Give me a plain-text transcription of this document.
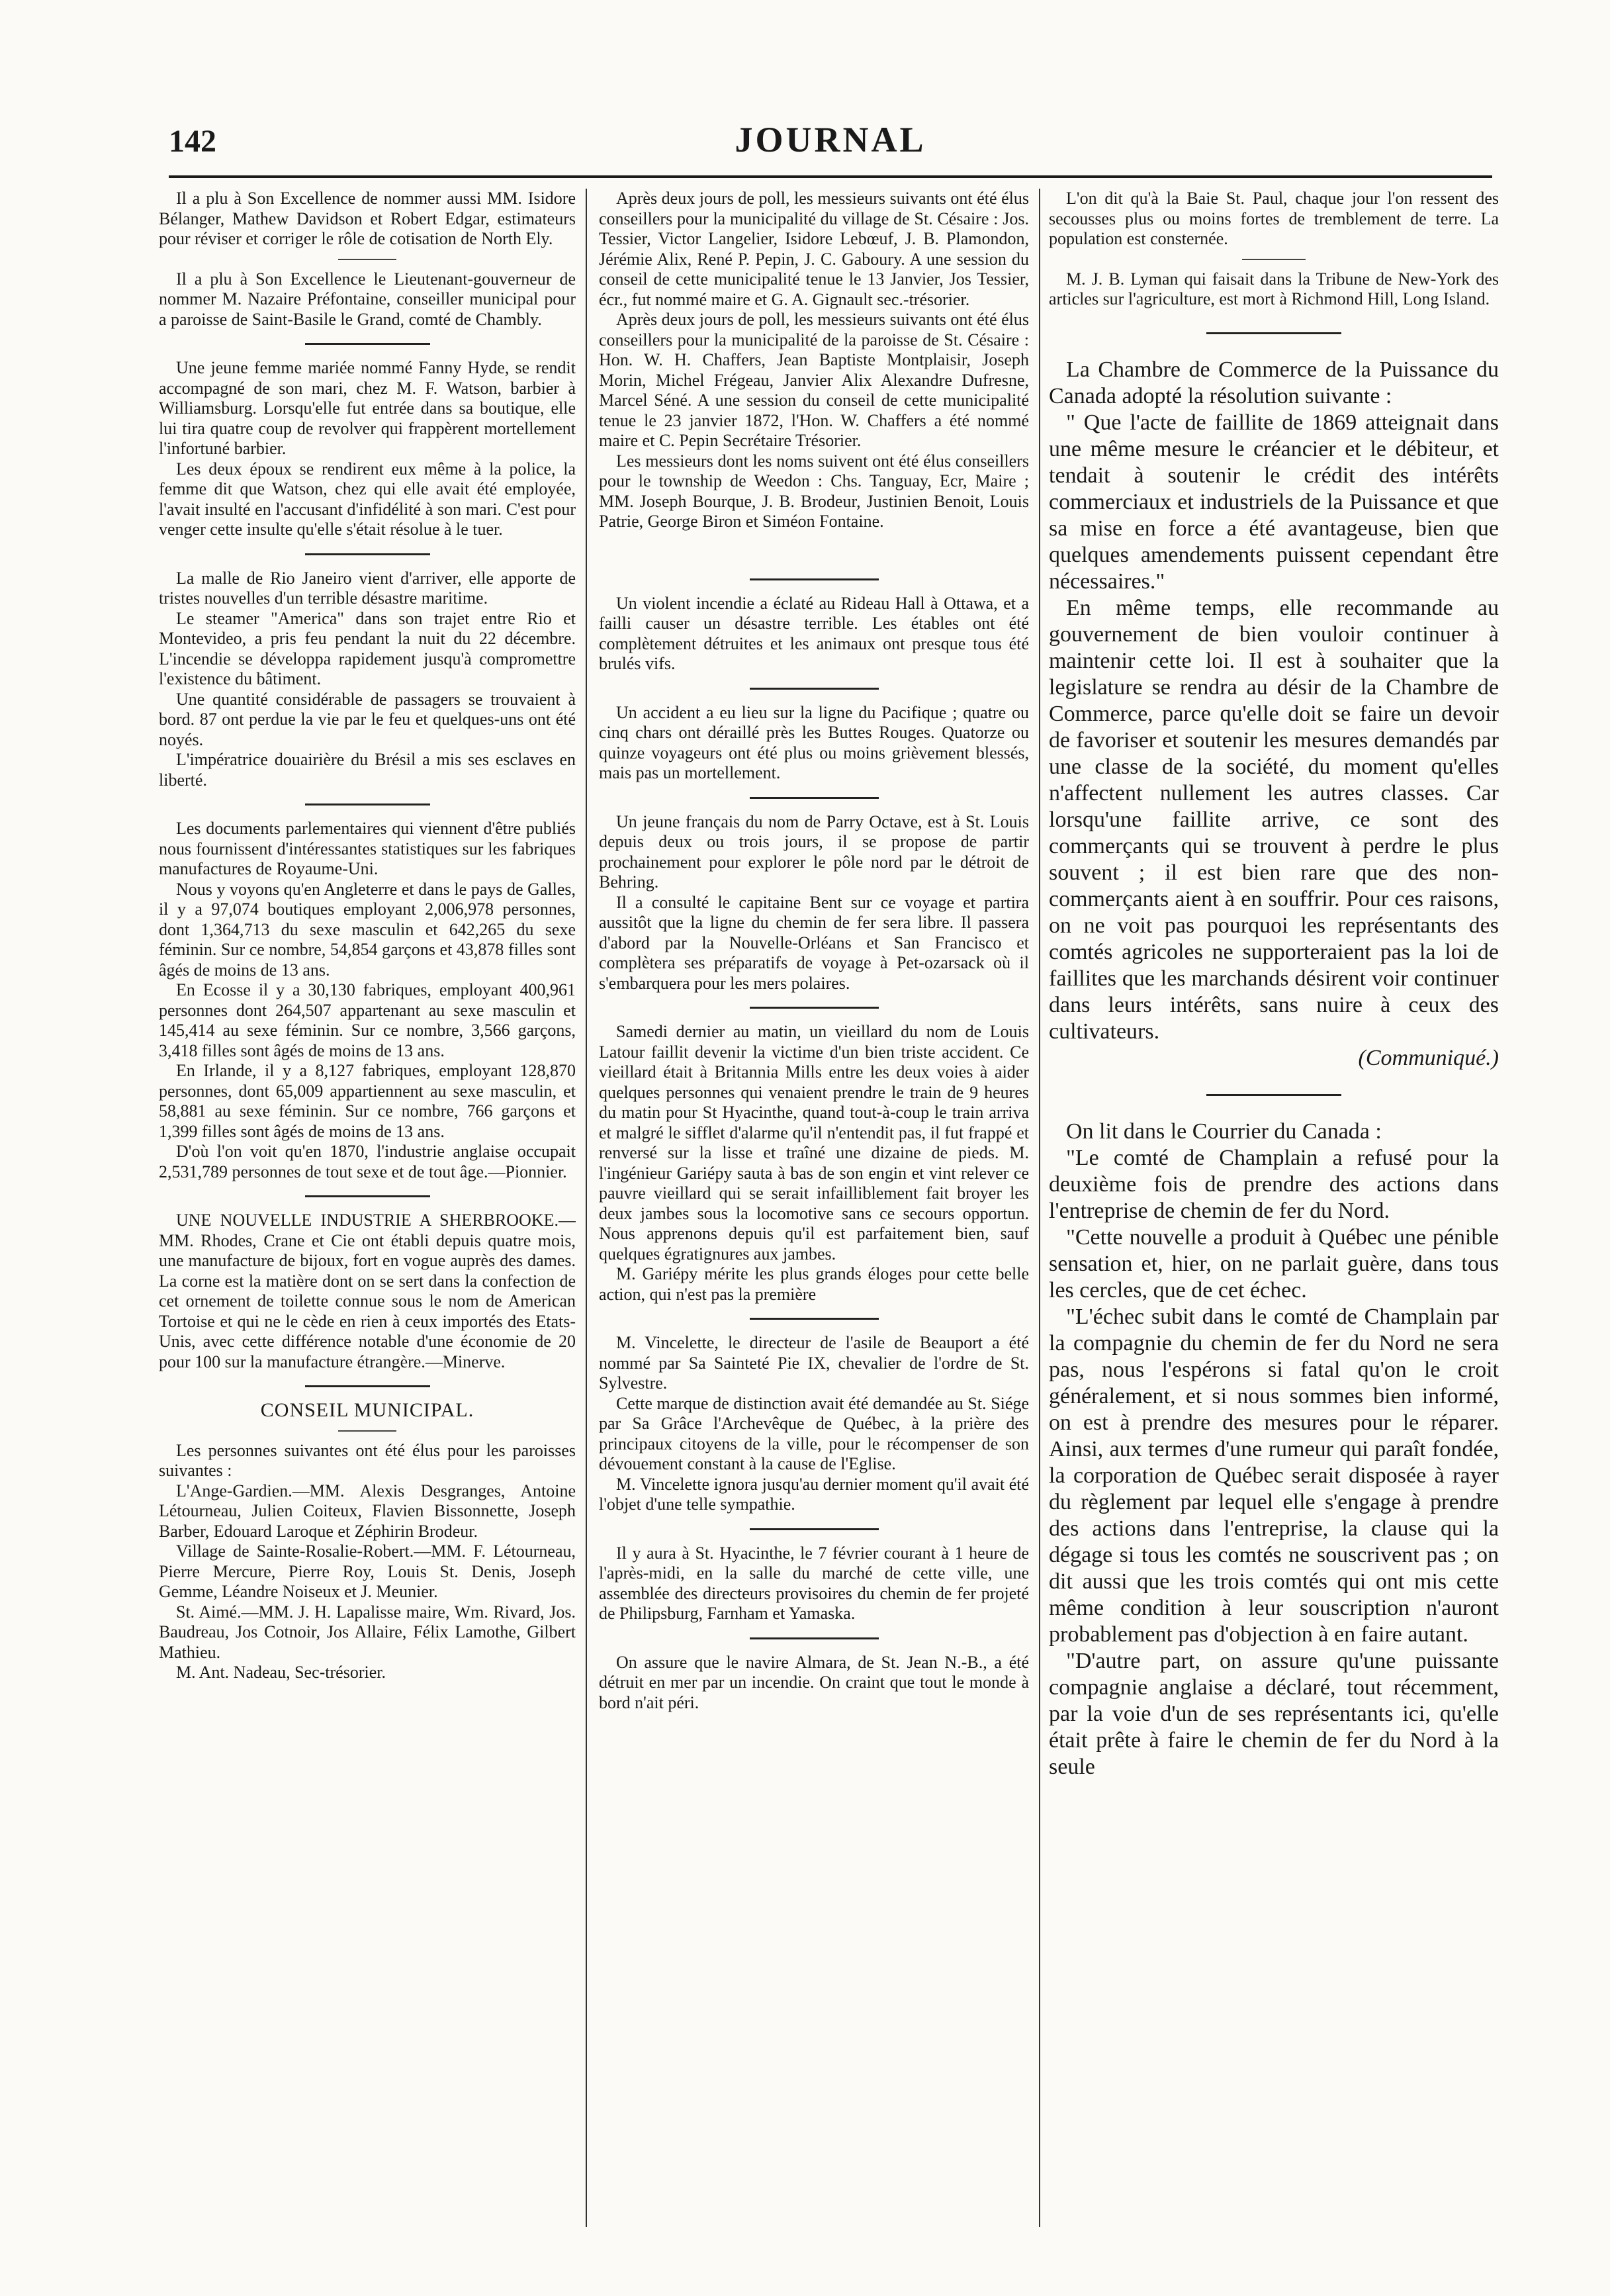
142	JOURNAL

Il a plu à Son Excellence de nommer aussi MM. Isidore Bélanger, Mathew Davidson et Robert Edgar, estimateurs pour réviser et corriger le rôle de cotisation de North Ely.

Il a plu à Son Excellence le Lieutenant-gouverneur de nommer M. Nazaire Préfontaine, conseiller municipal pour a paroisse de Saint-Basile le Grand, comté de Chambly.

Une jeune femme mariée nommé Fanny Hyde, se rendit accompagné de son mari, chez M. F. Watson, barbier à Williamsburg. Lorsqu'elle fut entrée dans sa boutique, elle lui tira quatre coup de revolver qui frappèrent mortellement l'infortuné barbier.

Les deux époux se rendirent eux même à la police, la femme dit que Watson, chez qui elle avait été employée, l'avait insulté en l'accusant d'infidélité à son mari. C'est pour venger cette insulte qu'elle s'était résolue à le tuer.

La malle de Rio Janeiro vient d'arriver, elle apporte de tristes nouvelles d'un terrible désastre maritime.

Le steamer "America" dans son trajet entre Rio et Montevideo, a pris feu pendant la nuit du 22 décembre. L'incendie se développa rapidement jusqu'à compromettre l'existence du bâtiment.

Une quantité considérable de passagers se trouvaient à bord. 87 ont perdue la vie par le feu et quelques-uns ont été noyés.

L'impératrice douairière du Brésil a mis ses esclaves en liberté.

Les documents parlementaires qui viennent d'être publiés nous fournissent d'intéressantes statistiques sur les fabriques manufactures de Royaume-Uni.

Nous y voyons qu'en Angleterre et dans le pays de Galles, il y a 97,074 boutiques employant 2,006,978 personnes, dont 1,364,713 du sexe masculin et 642,265 du sexe féminin. Sur ce nombre, 54,854 garçons et 43,878 filles sont âgés de moins de 13 ans.

En Ecosse il y a 30,130 fabriques, employant 400,961 personnes dont 264,507 appartenant au sexe masculin et 145,414 au sexe féminin. Sur ce nombre, 3,566 garçons, 3,418 filles sont âgés de moins de 13 ans.

En Irlande, il y a 8,127 fabriques, employant 128,870 personnes, dont 65,009 appartiennent au sexe masculin, et 58,881 au sexe féminin. Sur ce nombre, 766 garçons et 1,399 filles sont âgés de moins de 13 ans.

D'où l'on voit qu'en 1870, l'industrie anglaise occupait 2,531,789 personnes de tout sexe et de tout âge.—Pionnier.

UNE NOUVELLE INDUSTRIE A SHERBROOKE.—MM. Rhodes, Crane et Cie ont établi depuis quatre mois, une manufacture de bijoux, fort en vogue auprès des dames. La corne est la matière dont on se sert dans la confection de cet ornement de toilette connue sous le nom de American Tortoise et qui ne le cède en rien à ceux importés des Etats-Unis, avec cette différence notable d'une économie de 20 pour 100 sur la manufacture étrangère.—Minerve.

CONSEIL MUNICIPAL.

Les personnes suivantes ont été élus pour les paroisses suivantes :

L'Ange-Gardien.—MM. Alexis Desgranges, Antoine Létourneau, Julien Coiteux, Flavien Bissonnette, Joseph Barber, Edouard Laroque et Zéphirin Brodeur.

Village de Sainte-Rosalie-Robert.—MM. F. Létourneau, Pierre Mercure, Pierre Roy, Louis St. Denis, Joseph Gemme, Léandre Noiseux et J. Meunier.

St. Aimé.—MM. J. H. Lapalisse maire, Wm. Rivard, Jos. Baudreau, Jos Cotnoir, Jos Allaire, Félix Lamothe, Gilbert Mathieu.

M. Ant. Nadeau, Sec-trésorier.

Après deux jours de poll, les messieurs suivants ont été élus conseillers pour la municipalité du village de St. Césaire : Jos. Tessier, Victor Langelier, Isidore Lebœuf, J. B. Plamondon, Jérémie Alix, René P. Pepin, J. C. Gaboury. A une session du conseil de cette municipalité tenue le 13 Janvier, Jos Tessier, écr., fut nommé maire et G. A. Gignault sec.-trésorier.

Après deux jours de poll, les messieurs suivants ont été élus conseillers pour la municipalité de la paroisse de St. Césaire : Hon. W. H. Chaffers, Jean Baptiste Montplaisir, Joseph Morin, Michel Frégeau, Janvier Alix Alexandre Dufresne, Marcel Séné. A une session du conseil de cette municipalité tenue le 23 janvier 1872, l'Hon. W. Chaffers a été nommé maire et C. Pepin Secrétaire Trésorier.

Les messieurs dont les noms suivent ont été élus conseillers pour le township de Weedon : Chs. Tanguay, Ecr, Maire ; MM. Joseph Bourque, J. B. Brodeur, Justinien Benoit, Louis Patrie, George Biron et Siméon Fontaine.

Un violent incendie a éclaté au Rideau Hall à Ottawa, et a failli causer un désastre terrible. Les étables ont été complètement détruites et les animaux ont presque tous été brulés vifs.

Un accident a eu lieu sur la ligne du Pacifique ; quatre ou cinq chars ont déraillé près les Buttes Rouges. Quatorze ou quinze voyageurs ont été plus ou moins grièvement blessés, mais pas un mortellement.

Un jeune français du nom de Parry Octave, est à St. Louis depuis deux ou trois jours, il se propose de partir prochainement pour explorer le pôle nord par le détroit de Behring.

Il a consulté le capitaine Bent sur ce voyage et partira aussitôt que la ligne du chemin de fer sera libre. Il passera d'abord par la Nouvelle-Orléans et San Francisco et complètera ses préparatifs de voyage à Pet-ozarsack où il s'embarquera pour les mers polaires.

Samedi dernier au matin, un vieillard du nom de Louis Latour faillit devenir la victime d'un bien triste accident. Ce vieillard était à Britannia Mills entre les deux voies à aider quelques personnes qui venaient prendre le train de 9 heures du matin pour St Hyacinthe, quand tout-à-coup le train arriva et malgré le sifflet d'alarme qu'il n'entendit pas, il fut frappé et renversé sur la lisse et traîné une dizaine de pieds. M. l'ingénieur Gariépy sauta à bas de son engin et vint relever ce pauvre vieillard qui se serait infailliblement fait broyer les deux jambes sous la locomotive sans ce secours opportun. Nous apprenons depuis qu'il est parfaitement bien, sauf quelques égratignures aux jambes.

M. Gariépy mérite les plus grands éloges pour cette belle action, qui n'est pas la première

M. Vincelette, le directeur de l'asile de Beauport a été nommé par Sa Sainteté Pie IX, chevalier de l'ordre de St. Sylvestre.

Cette marque de distinction avait été demandée au St. Siége par Sa Grâce l'Archevêque de Québec, à la prière des principaux citoyens de la ville, pour le récompenser de son dévouement constant à la cause de l'Eglise.

M. Vincelette ignora jusqu'au dernier moment qu'il avait été l'objet d'une telle sympathie.

Il y aura à St. Hyacinthe, le 7 février courant à 1 heure de l'après-midi, en la salle du marché de cette ville, une assemblée des directeurs provisoires du chemin de fer projeté de Philipsburg, Farnham et Yamaska.

On assure que le navire Almara, de St. Jean N.-B., a été détruit en mer par un incendie. On craint que tout le monde à bord n'ait péri.

L'on dit qu'à la Baie St. Paul, chaque jour l'on ressent des secousses plus ou moins fortes de tremblement de terre. La population est consternée.

M. J. B. Lyman qui faisait dans la Tribune de New-York des articles sur l'agriculture, est mort à Richmond Hill, Long Island.

La Chambre de Commerce de la Puissance du Canada adopté la résolution suivante :

" Que l'acte de faillite de 1869 atteignait dans une même mesure le créancier et le débiteur, et tendait à soutenir le crédit des intérêts commerciaux et industriels de la Puissance et que sa mise en force a été avantageuse, bien que quelques amendements puissent cependant être nécessaires."

En même temps, elle recommande au gouvernement de bien vouloir continuer à maintenir cette loi. Il est à souhaiter que la legislature se rendra au désir de la Chambre de Commerce, parce qu'elle doit se faire un devoir de favoriser et soutenir les mesures demandés par une classe de la société, du moment qu'elles n'affectent nullement les autres classes. Car lorsqu'une faillite arrive, ce sont des commerçants qui se trouvent à perdre le plus souvent ; il est bien rare que des non-commerçants aient à en souffrir. Pour ces raisons, on ne voit pas pourquoi les représentants des comtés agricoles ne supporteraient pas la loi de faillites que les marchands désirent voir continuer dans leurs intérêts, sans nuire à ceux des cultivateurs.

(Communiqué.)

On lit dans le Courrier du Canada :

"Le comté de Champlain a refusé pour la deuxième fois de prendre des actions dans l'entreprise de chemin de fer du Nord.

"Cette nouvelle a produit à Québec une pénible sensation et, hier, on ne parlait guère, dans tous les cercles, que de cet échec.

"L'échec subit dans le comté de Champlain par la compagnie du chemin de fer du Nord ne sera pas, nous l'espérons si fatal qu'on le croit généralement, et si nous sommes bien informé, on est à prendre des mesures pour le réparer. Ainsi, aux termes d'une rumeur qui paraît fondée, la corporation de Québec serait disposée à rayer du règlement par lequel elle s'engage à prendre des actions dans l'entreprise, la clause qui la dégage si tous les comtés ne souscrivent pas ; on dit aussi que les trois comtés qui ont mis cette même condition à leur souscription n'auront probablement pas d'objection à en faire autant.

"D'autre part, on assure qu'une puissante compagnie anglaise a déclaré, tout récemment, par la voie d'un de ses représentants ici, qu'elle était prête à faire le chemin de fer du Nord à la seule
